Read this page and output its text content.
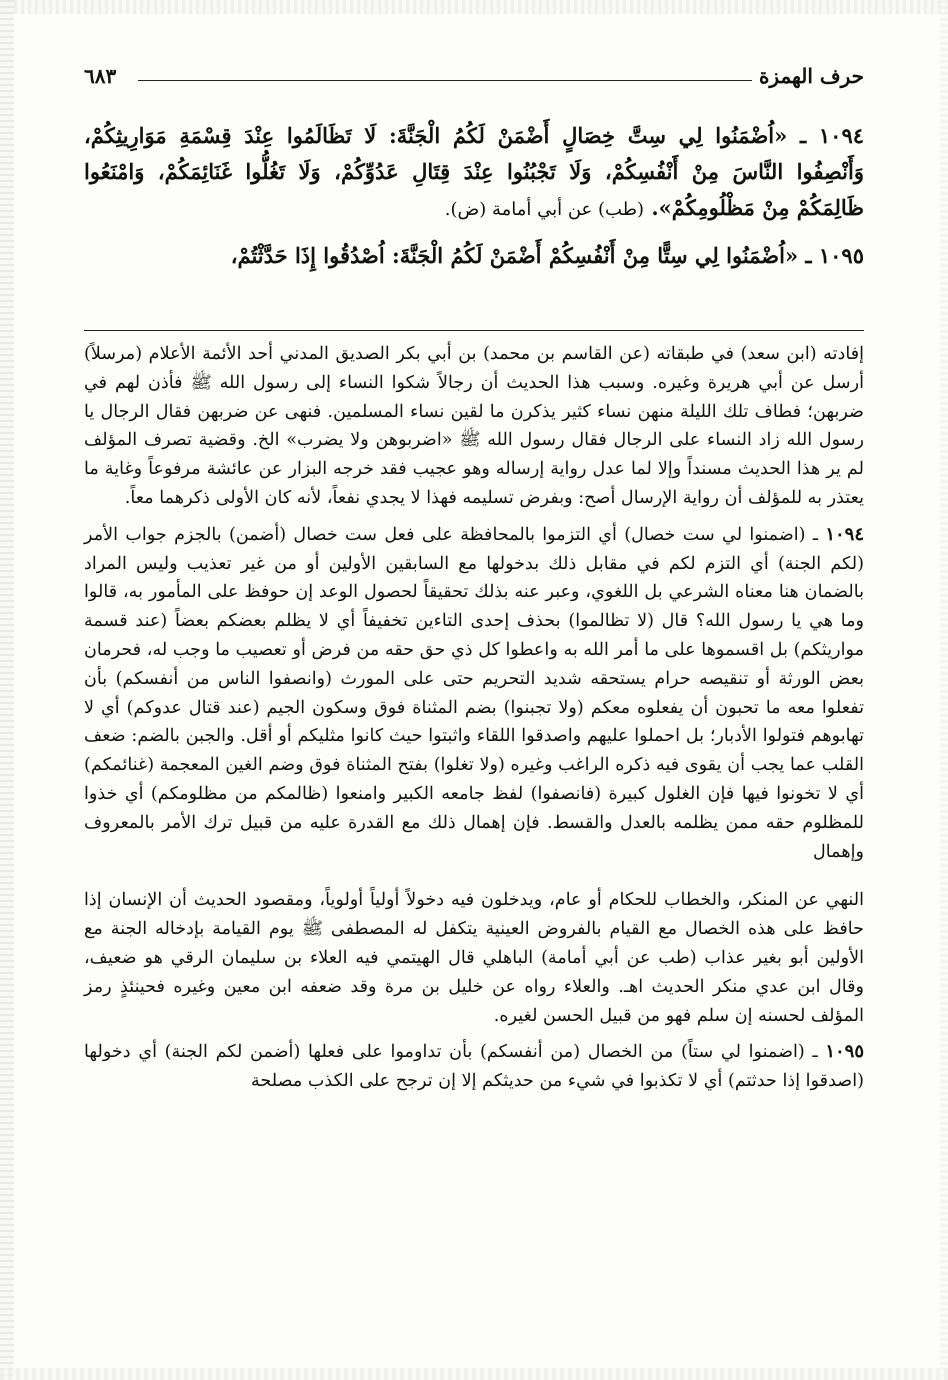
حرف الهمزة
٦٨٣

١٠٩٤ ـ «اُضْمَنُوا لِي سِتَّ خِصَالٍ أَضْمَنْ لَكُمُ الْجَنَّةَ: لَا تَظَالَمُوا عِنْدَ قِسْمَةِ مَوَارِيثِكُمْ، وَأَنْصِفُوا النَّاسَ مِنْ أَنْفُسِكُمْ، وَلَا تَجْبُنُوا عِنْدَ قِتَالِ عَدُوِّكُمْ، وَلَا تَغُلُّوا غَنَائِمَكُمْ، وَامْنَعُوا ظَالِمَكُمْ مِنْ مَظْلُومِكُمْ». (طب) عن أبي أمامة (ض).

١٠٩٥ ـ «اُضْمَنُوا لِي سِتًّا مِنْ أَنْفُسِكُمْ أَضْمَنْ لَكُمُ الْجَنَّةَ: اُصْدُقُوا إِذَا حَدَّثْتُمْ،

إفادته (ابن سعد) في طبقاته (عن القاسم بن محمد) بن أبي بكر الصديق المدني أحد الأئمة الأعلام (مرسلاً) أرسل عن أبي هريرة وغيره. وسبب هذا الحديث أن رجالاً شكوا النساء إلى رسول الله ﷺ فأذن لهم في ضربهن؛ فطاف تلك الليلة منهن نساء كثير يذكرن ما لقين نساء المسلمين. فنهى عن ضربهن فقال الرجال يا رسول الله زاد النساء على الرجال فقال رسول الله ﷺ «اضربوهن ولا يضرب» الخ. وقضية تصرف المؤلف لم ير هذا الحديث مسنداً وإلا لما عدل رواية إرساله وهو عجيب فقد خرجه البزار عن عائشة مرفوعاً وغاية ما يعتذر به للمؤلف أن رواية الإرسال أصح: وبفرض تسليمه فهذا لا يجدي نفعاً، لأنه كان الأولى ذكرهما معاً.

١٠٩٤ ـ (اضمنوا لي ست خصال) أي التزموا بالمحافظة على فعل ست خصال (أضمن) بالجزم جواب الأمر (لكم الجنة) أي التزم لكم في مقابل ذلك بدخولها مع السابقين الأولين أو من غير تعذيب وليس المراد بالضمان هنا معناه الشرعي بل اللغوي، وعبر عنه بذلك تحقيقاً لحصول الوعد إن حوفظ على المأمور به، قالوا وما هي يا رسول الله؟ قال (لا تظالموا) بحذف إحدى التاءين تخفيفاً أي لا يظلم بعضكم بعضاً (عند قسمة مواريثكم) بل اقسموها على ما أمر الله به واعطوا كل ذي حق حقه من فرض أو تعصيب ما وجب له، فحرمان بعض الورثة أو تنقيصه حرام يستحقه شديد التحريم حتى على المورث (وانصفوا الناس من أنفسكم) بأن تفعلوا معه ما تحبون أن يفعلوه معكم (ولا تجبنوا) بضم المثناة فوق وسكون الجيم (عند قتال عدوكم) أي لا تهابوهم فتولوا الأدبار؛ بل احملوا عليهم واصدقوا اللقاء واثبتوا حيث كانوا مثليكم أو أقل. والجبن بالضم: ضعف القلب عما يجب أن يقوى فيه ذكره الراغب وغيره (ولا تغلوا) بفتح المثناة فوق وضم الغين المعجمة (غنائمكم) أي لا تخونوا فيها فإن الغلول كبيرة (فانصفوا) لفظ جامعه الكبير وامنعوا (ظالمكم من مظلومكم) أي خذوا للمظلوم حقه ممن يظلمه بالعدل والقسط. فإن إهمال ذلك مع القدرة عليه من قبيل ترك الأمر بالمعروف وإهمال

النهي عن المنكر، والخطاب للحكام أو عام، ويدخلون فيه دخولاً أولياً أولوياً، ومقصود الحديث أن الإنسان إذا حافظ على هذه الخصال مع القيام بالفروض العينية يتكفل له المصطفى ﷺ يوم القيامة بإدخاله الجنة مع الأولين أبو بغير عذاب (طب عن أبي أمامة) الباهلي قال الهيتمي فيه العلاء بن سليمان الرقي هو ضعيف، وقال ابن عدي منكر الحديث اهـ. والعلاء رواه عن خليل بن مرة وقد ضعفه ابن معين وغيره فحينئذٍ رمز المؤلف لحسنه إن سلم فهو من قبيل الحسن لغيره.

١٠٩٥ ـ (اضمنوا لي ستاً) من الخصال (من أنفسكم) بأن تداوموا على فعلها (أضمن لكم الجنة) أي دخولها (اصدقوا إذا حدثتم) أي لا تكذبوا في شيء من حديثكم إلا إن ترجح على الكذب مصلحة
